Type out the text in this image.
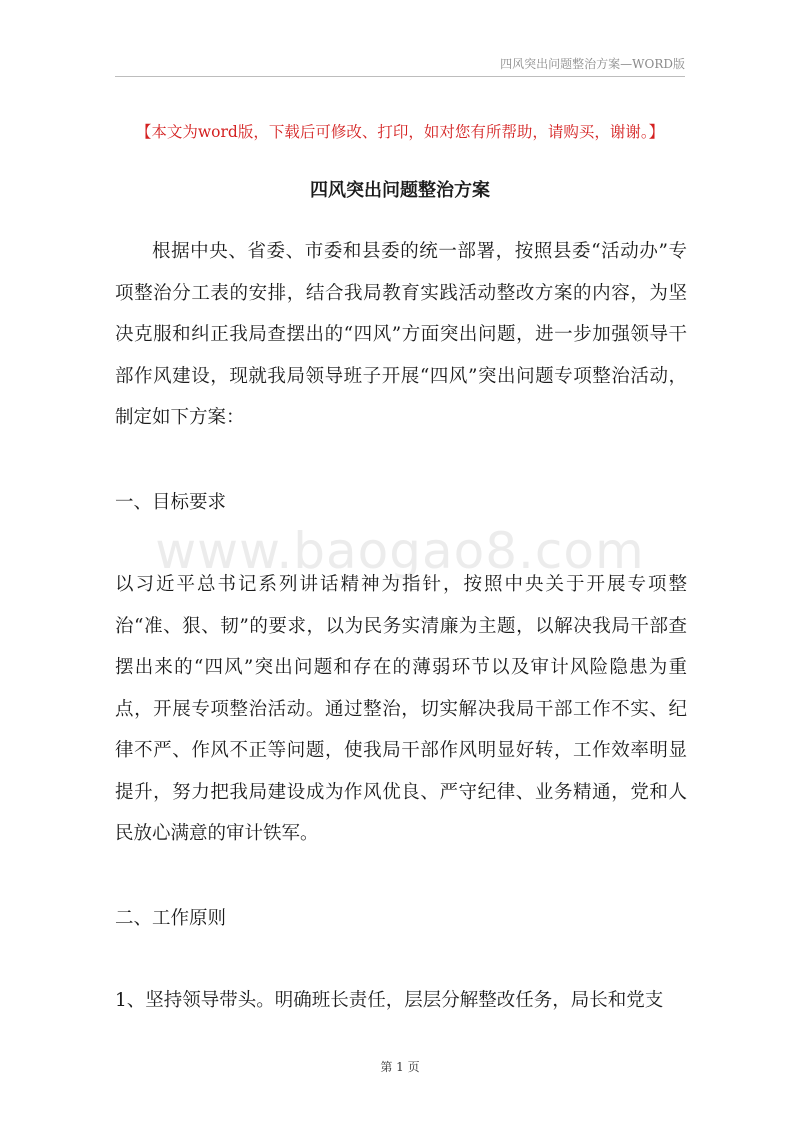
四风突出问题整治方案—WORD版
【本文为word版，下载后可修改、打印，如对您有所帮助，请购买，谢谢。】
四风突出问题整治方案

根据中央、省委、市委和县委的统一部署，按照县委“活动办”专项整治分工表的安排，结合我局教育实践活动整改方案的内容，为坚决克服和纠正我局查摆出的“四风”方面突出问题，进一步加强领导干部作风建设，现就我局领导班子开展“四风”突出问题专项整治活动，制定如下方案：

一、目标要求

www.baogao8.com

以习近平总书记系列讲话精神为指针，按照中央关于开展专项整治“准、狠、韧”的要求，以为民务实清廉为主题，以解决我局干部查摆出来的“四风”突出问题和存在的薄弱环节以及审计风险隐患为重点，开展专项整治活动。通过整治，切实解决我局干部工作不实、纪律不严、作风不正等问题，使我局干部作风明显好转，工作效率明显提升，努力把我局建设成为作风优良、严守纪律、业务精通，党和人民放心满意的审计铁军。

二、工作原则

1、坚持领导带头。明确班长责任，层层分解整改任务，局长和党支

第 1 页
